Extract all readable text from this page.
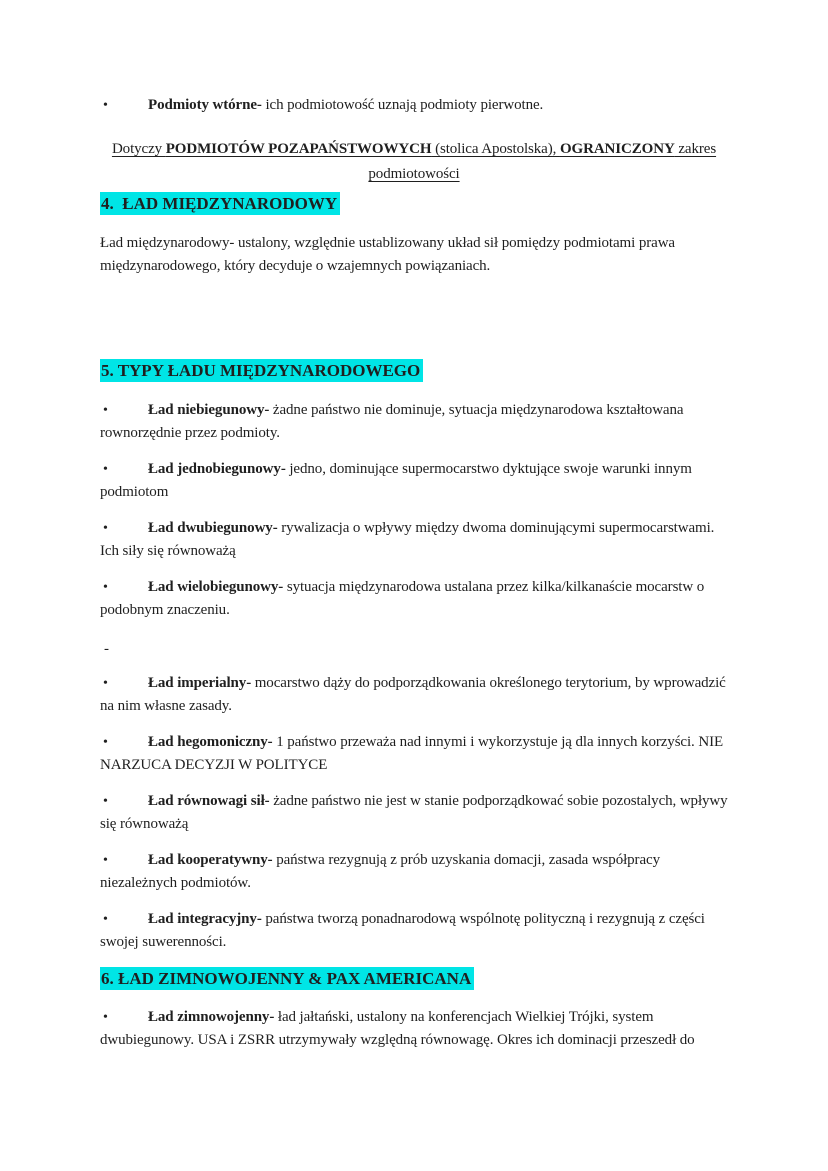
•	Podmioty wtórne- ich podmiotowość uznają podmioty pierwotne.

Dotyczy PODMIOTÓW POZAPAŃSTWOWYCH (stolica Apostolska), OGRANICZONY zakres
podmiotowości

4.  ŁAD MIĘDZYNARODOWY

Ład międzynarodowy- ustalony, względnie ustablizowany układ sił pomiędzy podmiotami prawa międzynarodowego, który decyduje o wzajemnych powiązaniach.

5. TYPY ŁADU MIĘDZYNARODOWEGO

•	Ład niebiegunowy- żadne państwo nie dominuje, sytuacja międzynarodowa kształtowana rownorzędnie przez podmioty.

•	Ład jednobiegunowy- jedno, dominujące supermocarstwo dyktujące swoje warunki innym podmiotom

•	Ład dwubiegunowy- rywalizacja o wpływy między dwoma dominującymi supermocarstwami. Ich siły się równoważą

•	Ład wielobiegunowy- sytuacja międzynarodowa ustalana przez kilka/kilkanaście mocarstw o podobnym znaczeniu.

-

•	Ład imperialny- mocarstwo dąży do podporządkowania określonego terytorium, by wprowadzić na nim własne zasady.

•	Ład hegomoniczny- 1 państwo przeważa nad innymi i wykorzystuje ją dla innych korzyści. NIE NARZUCA DECYZJI W POLITYCE

•	Ład równowagi sił- żadne państwo nie jest w stanie podporządkować sobie pozostalych, wpływy się równoważą

•	Ład kooperatywny- państwa rezygnują z prób uzyskania domacji, zasada współpracy niezależnych podmiotów.

•	Ład integracyjny- państwa tworzą ponadnarodową wspólnotę polityczną i rezygnują z części swojej suwerenności.

6. ŁAD ZIMNOWOJENNY & PAX AMERICANA

•	Ład zimnowojenny- ład jałtański, ustalony na konferencjach Wielkiej Trójki, system dwubiegunowy. USA i ZSRR utrzymywały względną równowagę. Okres ich dominacji przeszedł do
